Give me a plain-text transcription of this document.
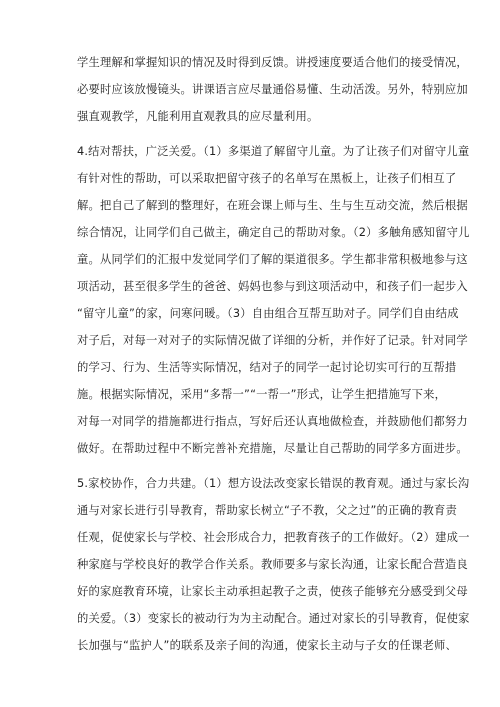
学生理解和掌握知识的情况及时得到反馈。讲授速度要适合他们的接受情况，
必要时应该放慢镜头。讲课语言应尽量通俗易懂、生动活泼。另外，特别应加
强直观教学，凡能利用直观教具的应尽量利用。
4.结对帮扶，广泛关爱。（1）多渠道了解留守儿童。为了让孩子们对留守儿童
有针对性的帮助，可以采取把留守孩子的名单写在黑板上，让孩子们相互了
解。把自己了解到的整理好，在班会课上师与生、生与生互动交流，然后根据
综合情况，让同学们自己做主，确定自己的帮助对象。（2）多触角感知留守儿
童。从同学们的汇报中发觉同学们了解的渠道很多。学生都非常积极地参与这
项活动，甚至很多学生的爸爸、妈妈也参与到这项活动中，和孩子们一起步入
“留守儿童”的家，问寒问暖。（3）自由组合互帮互助对子。同学们自由结成
对子后，对每一对对子的实际情况做了详细的分析，并作好了记录。针对同学
的学习、行为、生活等实际情况，结对子的同学一起讨论切实可行的互帮措
施。根据实际情况，采用“多帮一”“一帮一”形式，让学生把措施写下来，
对每一对同学的措施都进行指点，写好后还认真地做检查，并鼓励他们都努力
做好。在帮助过程中不断完善补充措施，尽量让自己帮助的同学多方面进步。
5.家校协作，合力共建。（1）想方设法改变家长错误的教育观。通过与家长沟
通与对家长进行引导教育，帮助家长树立“子不教，父之过”的正确的教育责
任观，促使家长与学校、社会形成合力，把教育孩子的工作做好。（2）建成一
种家庭与学校良好的教学合作关系。教师要多与家长沟通，让家长配合营造良
好的家庭教育环境，让家长主动承担起教子之责，使孩子能够充分感受到父母
的关爱。（3）变家长的被动行为为主动配合。通过对家长的引导教育，促使家
长加强与“监护人”的联系及亲子间的沟通，使家长主动与子女的任课老师、
